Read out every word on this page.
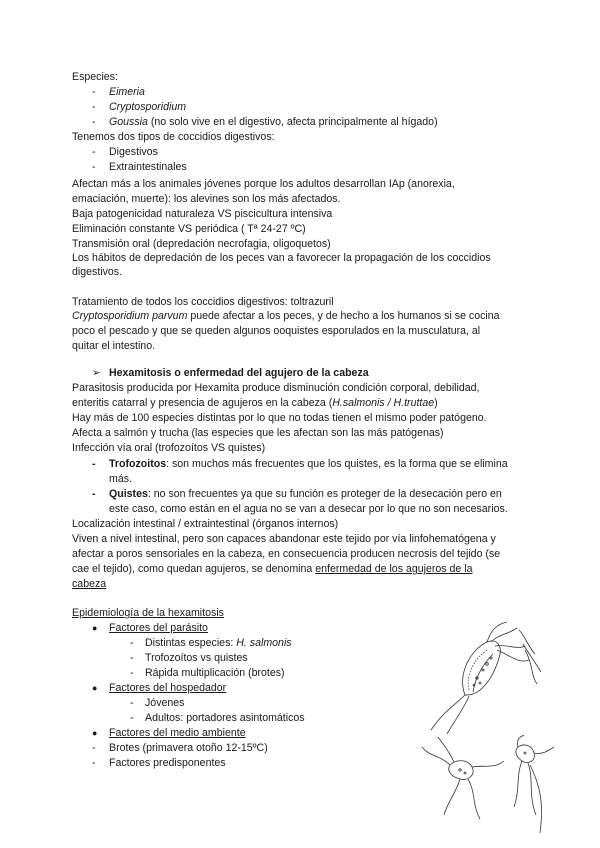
Especies:
- Eimeria
- Cryptosporidium
- Goussia (no solo vive en el digestivo, afecta principalmente al hígado)
Tenemos dos tipos de coccidios digestivos:
- Digestivos
- Extraintestinales
Afectan más a los animales jóvenes porque los adultos desarrollan IAp (anorexia,
emaciación, muerte): los alevines son los más afectados.
Baja patogenicidad naturaleza VS piscicultura intensiva
Eliminación constante VS periódica ( Tª 24-27 ºC)
Transmisión oral (depredación necrofagia, oligoquetos)
Los hábitos de depredación de los peces van a favorecer la propagación de los coccidios
digestivos.
Tratamiento de todos los coccidios digestivos: toltrazuril
Cryptosporidium parvum puede afectar a los peces, y de hecho a los humanos si se cocina
poco el pescado y que se queden algunos ooquistes esporulados en la musculatura, al
quitar el intestino.
➢ Hexamitosis o enfermedad del agujero de la cabeza
Parasitosis producida por Hexamita produce disminución condición corporal, debilidad,
enteritis catarral y presencia de agujeros en la cabeza (H.salmonis / H.truttae)
Hay más de 100 especies distintas por lo que no todas tienen el mismo poder patógeno.
Afecta a salmón y trucha (las especies que les afectan son las más patógenas)
Infección vía oral (trofozoítos VS quistes)
- Trofozoitos: son muchos más frecuentes que los quistes, es la forma que se elimina
más.
- Quistes: no son frecuentes ya que su función es proteger de la desecación pero en
este caso, como están en el agua no se van a desecar por lo que no son necesarios.
Localización intestinal / extraintestinal (órganos internos)
Viven a nivel intestinal, pero son capaces abandonar este tejido por vía linfohematógena y
afectar a poros sensoriales en la cabeza, en consecuencia producen necrosis del tejido (se
cae el tejido), como quedan agujeros, se denomina enfermedad de los agujeros de la
cabeza
Epidemiología de la hexamitosis
● Factores del parásito
- Distintas especies: H. salmonis
- Trofozoítos vs quistes
- Rápida multiplicación (brotes)
● Factores del hospedador
- Jóvenes
- Adultos: portadores asintomáticos
● Factores del medio ambiente
- Brotes (primavera otoño 12-15ºC)
- Factores predisponentes
